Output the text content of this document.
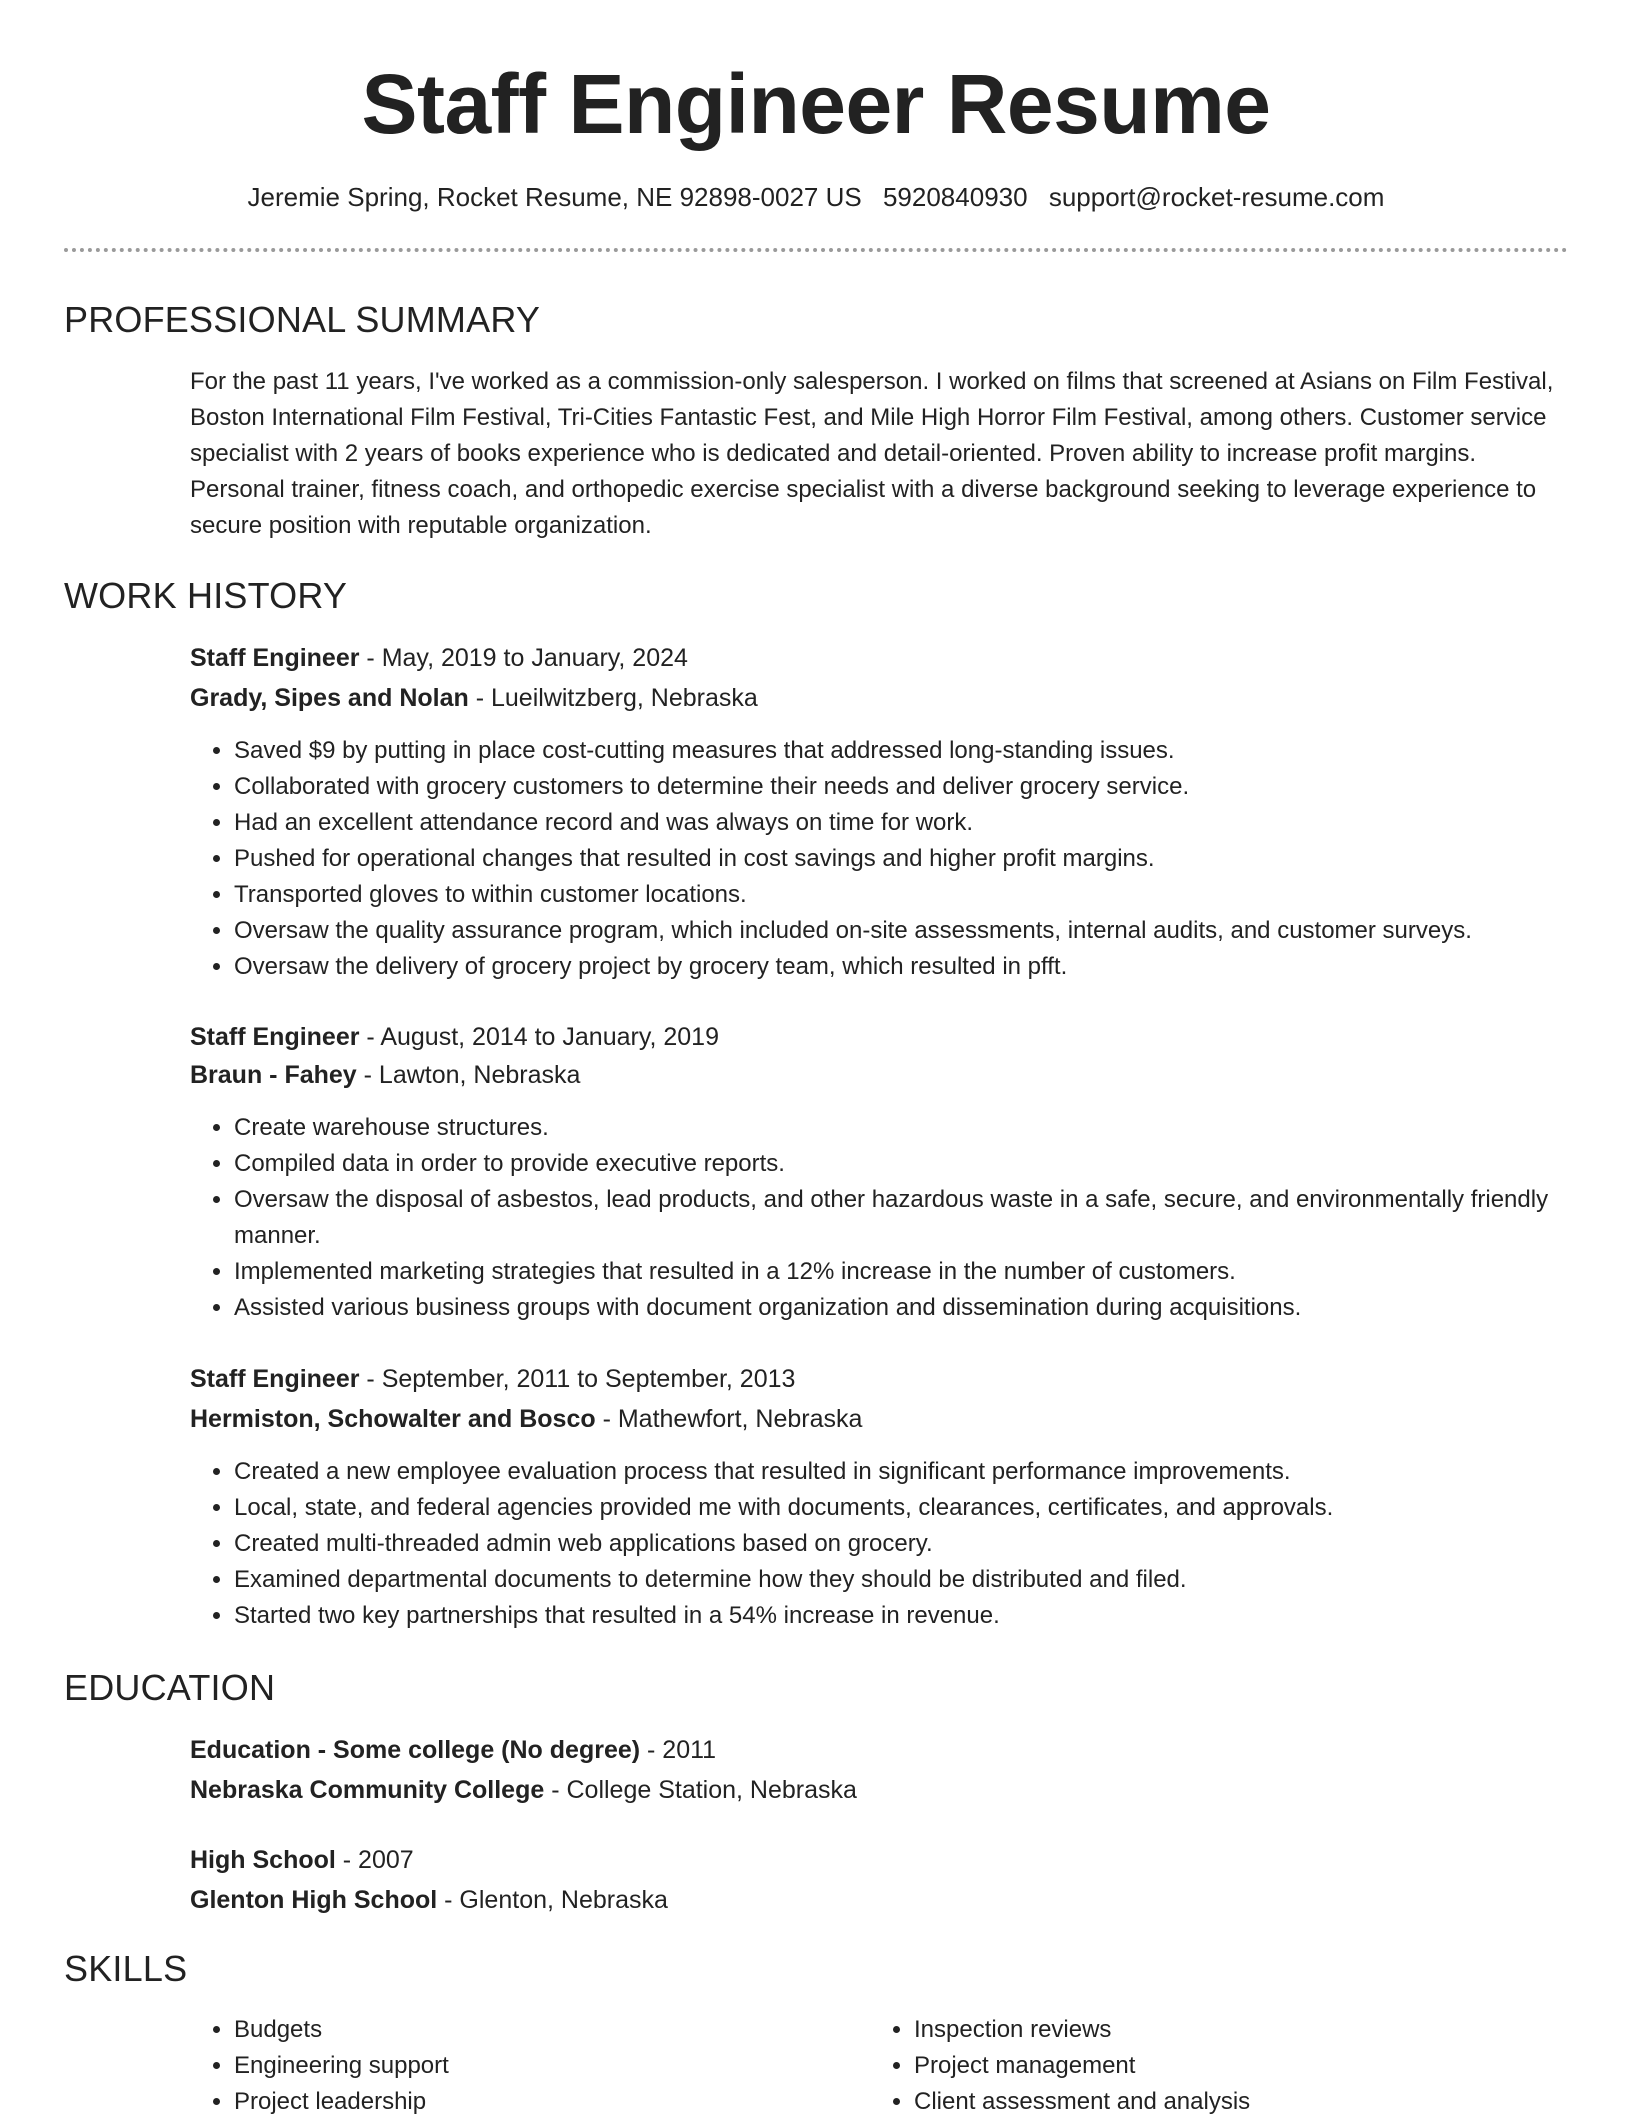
Staff Engineer Resume

Jeremie Spring, Rocket Resume, NE 92898-0027 US 5920840930 support@rocket-resume.com

PROFESSIONAL SUMMARY

For the past 11 years, I've worked as a commission-only salesperson. I worked on films that screened at Asians on Film Festival, Boston International Film Festival, Tri-Cities Fantastic Fest, and Mile High Horror Film Festival, among others. Customer service specialist with 2 years of books experience who is dedicated and detail-oriented. Proven ability to increase profit margins. Personal trainer, fitness coach, and orthopedic exercise specialist with a diverse background seeking to leverage experience to secure position with reputable organization.

WORK HISTORY

Staff Engineer - May, 2019 to January, 2024

Grady, Sipes and Nolan - Lueilwitzberg, Nebraska

• Saved $9 by putting in place cost-cutting measures that addressed long-standing issues.
• Collaborated with grocery customers to determine their needs and deliver grocery service.
• Had an excellent attendance record and was always on time for work.
• Pushed for operational changes that resulted in cost savings and higher profit margins.
• Transported gloves to within customer locations.
• Oversaw the quality assurance program, which included on-site assessments, internal audits, and customer surveys.
• Oversaw the delivery of grocery project by grocery team, which resulted in pfft.

Staff Engineer - August, 2014 to January, 2019

Braun - Fahey - Lawton, Nebraska

• Create warehouse structures.
• Compiled data in order to provide executive reports.
• Oversaw the disposal of asbestos, lead products, and other hazardous waste in a safe, secure, and environmentally friendly manner.
• Implemented marketing strategies that resulted in a 12% increase in the number of customers.
• Assisted various business groups with document organization and dissemination during acquisitions.

Staff Engineer - September, 2011 to September, 2013

Hermiston, Schowalter and Bosco - Mathewfort, Nebraska

• Created a new employee evaluation process that resulted in significant performance improvements.
• Local, state, and federal agencies provided me with documents, clearances, certificates, and approvals.
• Created multi-threaded admin web applications based on grocery.
• Examined departmental documents to determine how they should be distributed and filed.
• Started two key partnerships that resulted in a 54% increase in revenue.
EDUCATION

Education - Some college (No degree) - 2011

Nebraska Community College - College Station, Nebraska

High School - 2007

Glenton High School - Glenton, Nebraska

SKILLS
• Budgets
• Engineering support
• Project leadership
• Inspection reviews
• Project management
• Client assessment and analysis
